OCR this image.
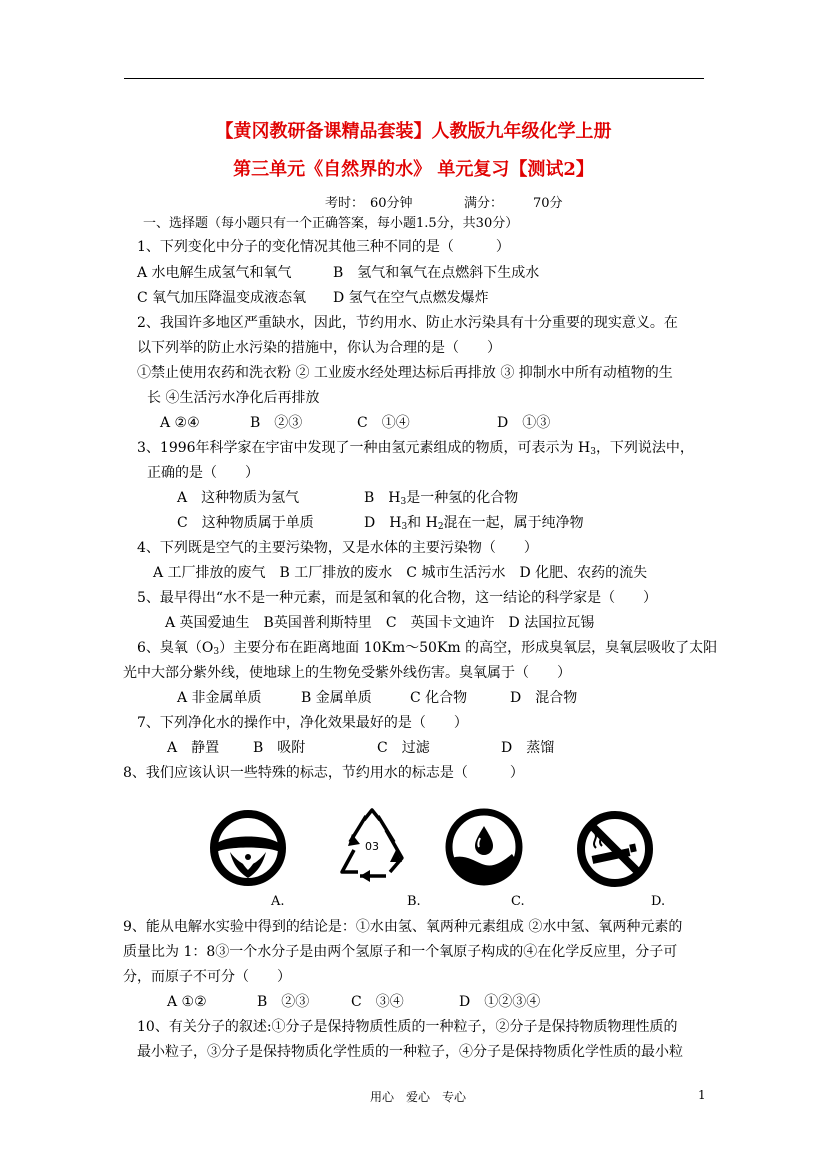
【黄冈教研备课精品套装】人教版九年级化学上册
第三单元《自然界的水》 单元复习【测试2】
考时： 60分钟	满分： 70分
一、选择题（每小题只有一个正确答案，每小题1.5分，共30分）
1、下列变化中分子的变化情况其他三种不同的是（　　　）
A 水电解生成氢气和氧气	B　氢气和氧气在点燃斜下生成水
C 氧气加压降温变成液态氧 D 氢气在空气点燃发爆炸
2、我国许多地区严重缺水，因此，节约用水、防止水污染具有十分重要的现实意义。在
以下列举的防止水污染的措施中，你认为合理的是（　　）
①禁止使用农药和洗衣粉 ② 工业废水经处理达标后再排放 ③ 抑制水中所有动植物的生
长 ④生活污水净化后再排放
A ②④	B　②③	C　①④	D　①③
3、1996年科学家在宇宙中发现了一种由氢元素组成的物质，可表示为 $H_3$，下列说法中，
正确的是（　　）
A　这种物质为氢气	B　$H_3$是一种氢的化合物
C　这种物质属于单质	D　$H_3$和 $H_2$混在一起，属于纯净物
4、下列既是空气的主要污染物，又是水体的主要污染物（　　）
A 工厂排放的废气　B 工厂排放的废水　C 城市生活污水　D 化肥、农药的流失
5、最早得出“水不是一种元素，而是氢和氧的化合物，这一结论的科学家是（　　）
A 英国爱迪生　B英国普利斯特里　C　英国卡文迪许　D 法国拉瓦锡
6、臭氧$(O_3)$主要分布在距离地面 10Km～50Km 的高空，形成臭氧层，臭氧层吸收了太阳
光中大部分紫外线，使地球上的生物免受紫外线伤害。臭氧属于（　　）
A 非金属单质	B 金属单质	C 化合物	D　混合物
7、下列净化水的操作中，净化效果最好的是（　　）
A　静置 B　吸附	C　过滤	D　蒸馏
8、我们应该认识一些特殊的标志，节约用水的标志是（　　　）
03
A.	B.	C.	D.
9、能从电解水实验中得到的结论是：①水由氢、氧两种元素组成 ②水中氢、氧两种元素的
质量比为 1：8③一个水分子是由两个氢原子和一个氧原子构成的④在化学反应里，分子可
分，而原子不可分（　　）
A ①②	B　②③	C　③④	D　①②③④
10、有关分子的叙述:①分子是保持物质性质的一种粒子，②分子是保持物质物理性质的
最小粒子，③分子是保持物质化学性质的一种粒子，④分子是保持物质化学性质的最小粒
用心　爱心　专心	1
